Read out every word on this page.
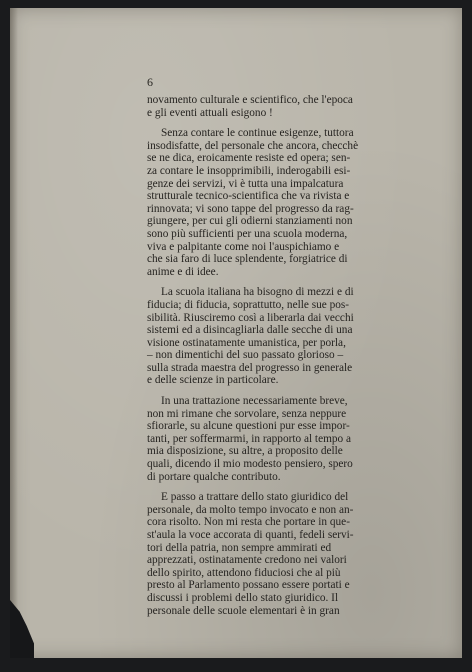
6

novamento culturale e scientifico, che l'epoca
e gli eventi attuali esigono !
Senza contare le continue esigenze, tuttora
insodisfatte, del personale che ancora, checchè
se ne dica, eroicamente resiste ed opera; sen-
za contare le insopprimibili, inderogabili esi-
genze dei servizi, vi è tutta una impalcatura
strutturale tecnico-scientifica che va rivista e
rinnovata; vi sono tappe del progresso da rag-
giungere, per cui gli odierni stanziamenti non
sono più sufficienti per una scuola moderna,
viva e palpitante come noi l'auspichiamo e
che sia faro di luce splendente, forgiatrice di
anime e di idee.
La scuola italiana ha bisogno di mezzi e di
fiducia; di fiducia, soprattutto, nelle sue pos-
sibilità. Riusciremo così a liberarla dai vecchi
sistemi ed a disincagliarla dalle secche di una
visione ostinatamente umanistica, per porla,
– non dimentichi del suo passato glorioso –
sulla strada maestra del progresso in generale
e delle scienze in particolare.
In una trattazione necessariamente breve,
non mi rimane che sorvolare, senza neppure
sfiorarle, su alcune questioni pur esse impor-
tanti, per soffermarmi, in rapporto al tempo a
mia disposizione, su altre, a proposito delle
quali, dicendo il mio modesto pensiero, spero
di portare qualche contributo.
E passo a trattare dello stato giuridico del
personale, da molto tempo invocato e non an-
cora risolto. Non mi resta che portare in que-
st'aula la voce accorata di quanti, fedeli servi-
tori della patria, non sempre ammirati ed
apprezzati, ostinatamente credono nei valori
dello spirito, attendono fiduciosi che al più
presto al Parlamento possano essere portati e
discussi i problemi dello stato giuridico. Il
personale delle scuole elementari è in gran
